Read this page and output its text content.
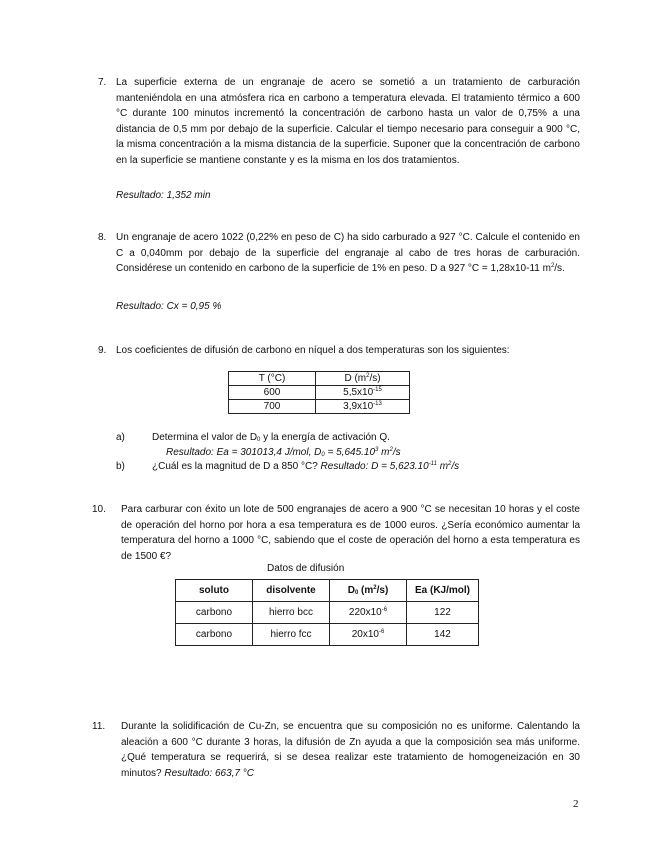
7. La superficie externa de un engranaje de acero se sometió a un tratamiento de carburación manteniéndola en una atmósfera rica en carbono a temperatura elevada. El tratamiento térmico a 600 °C durante 100 minutos incrementó la concentración de carbono hasta un valor de 0,75% a una distancia de 0,5 mm por debajo de la superficie. Calcular el tiempo necesario para conseguir a 900 °C, la misma concentración a la misma distancia de la superficie. Suponer que la concentración de carbono en la superficie se mantiene constante y es la misma en los dos tratamientos.
Resultado: 1,352 min
8. Un engranaje de acero 1022 (0,22% en peso de C) ha sido carburado a 927 °C. Calcule el contenido en C a 0,040mm por debajo de la superficie del engranaje al cabo de tres horas de carburación. Considérese un contenido en carbono de la superficie de 1% en peso. D a 927 °C = 1,28x10-11 $m^2/s$.
Resultado: Cx = 0,95 %
9. Los coeficientes de difusión de carbono en níquel a dos temperaturas son los siguientes:
T (°C)	D $(m^2/s)$
600	$5,5x10^{-15}$
700	$3,9x10^{-13}$
a)	Determina el valor de $D_0$ y la energía de activación Q.
Resultado: Ea = 301013,4 J/mol, $D_0 = 5,645.10^3$ $m^2/s$
b)	¿Cuál es la magnitud de D a 850 °C? Resultado: $D = 5,623.10^{-11}$ $m^2/s$
10. Para carburar con éxito un lote de 500 engranajes de acero a 900 °C se necesitan 10 horas y el coste de operación del horno por hora a esa temperatura es de 1000 euros. ¿Sería económico aumentar la temperatura del horno a 1000 °C, sabiendo que el coste de operación del horno a esta temperatura es de 1500 €?
Datos de difusión
soluto	disolvente	$D_0$ $(m^2/s)$	Ea (KJ/mol)
carbono	hierro bcc	$220x10^{-6}$	122
carbono	hierro fcc	$20x10^{-6}$	142
11. Durante la solidificación de Cu-Zn, se encuentra que su composición no es uniforme. Calentando la aleación a 600 °C durante 3 horas, la difusión de Zn ayuda a que la composición sea más uniforme. ¿Qué temperatura se requerirá, si se desea realizar este tratamiento de homogeneización en 30 minutos? Resultado: 663,7 °C
2
